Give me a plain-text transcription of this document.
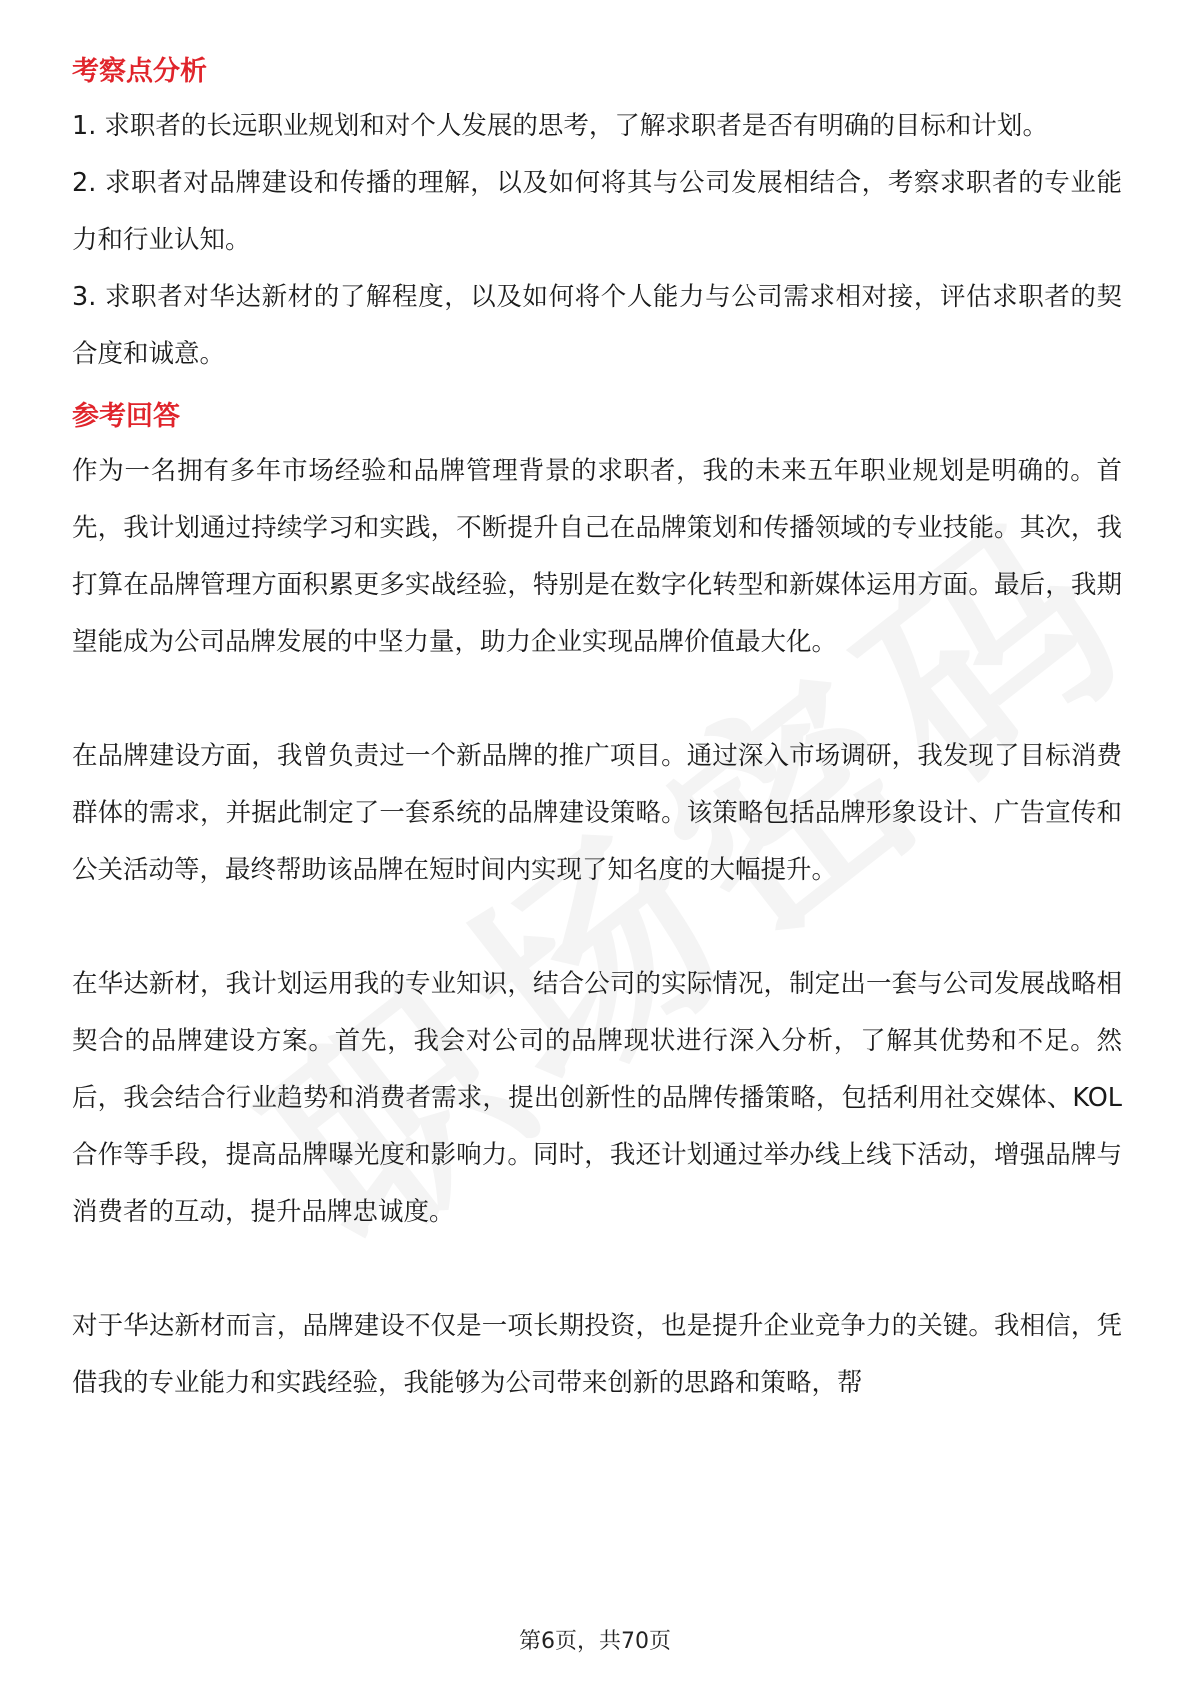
考察点分析

1. 求职者的长远职业规划和对个人发展的思考，了解求职者是否有明确的目标和计划。

2. 求职者对品牌建设和传播的理解，以及如何将其与公司发展相结合，考察求职者的专业能力和行业认知。

3. 求职者对华达新材的了解程度，以及如何将个人能力与公司需求相对接，评估求职者的契合度和诚意。

参考回答

作为一名拥有多年市场经验和品牌管理背景的求职者，我的未来五年职业规划是明确的。首先，我计划通过持续学习和实践，不断提升自己在品牌策划和传播领域的专业技能。其次，我打算在品牌管理方面积累更多实战经验，特别是在数字化转型和新媒体运用方面。最后，我期望能成为公司品牌发展的中坚力量，助力企业实现品牌价值最大化。

在品牌建设方面，我曾负责过一个新品牌的推广项目。通过深入市场调研，我发现了目标消费群体的需求，并据此制定了一套系统的品牌建设策略。该策略包括品牌形象设计、广告宣传和公关活动等，最终帮助该品牌在短时间内实现了知名度的大幅提升。

在华达新材，我计划运用我的专业知识，结合公司的实际情况，制定出一套与公司发展战略相契合的品牌建设方案。首先，我会对公司的品牌现状进行深入分析，了解其优势和不足。然后，我会结合行业趋势和消费者需求，提出创新性的品牌传播策略，包括利用社交媒体、KOL合作等手段，提高品牌曝光度和影响力。同时，我还计划通过举办线上线下活动，增强品牌与消费者的互动，提升品牌忠诚度。

对于华达新材而言，品牌建设不仅是一项长期投资，也是提升企业竞争力的关键。我相信，凭借我的专业能力和实践经验，我能够为公司带来创新的思路和策略，帮

第6页，共70页
